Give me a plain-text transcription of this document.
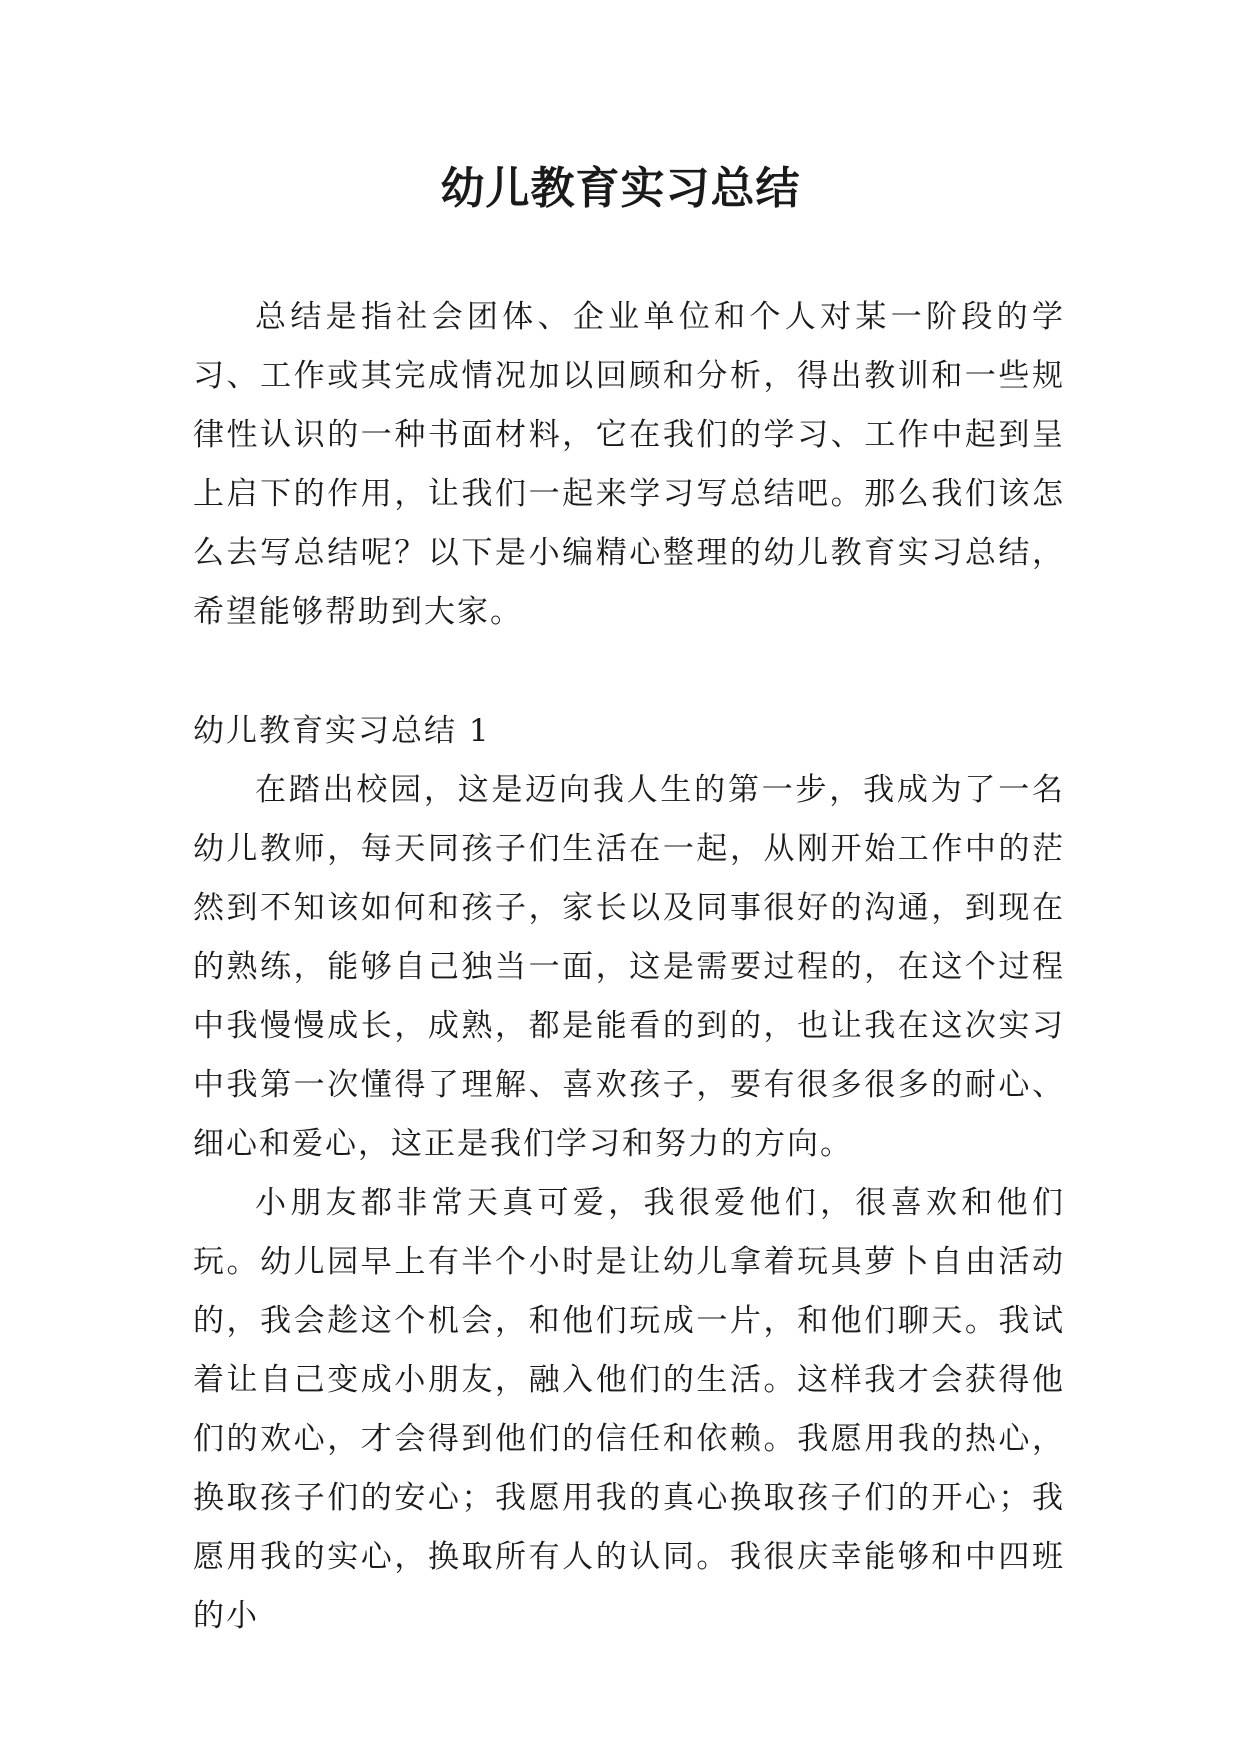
幼儿教育实习总结

总结是指社会团体、企业单位和个人对某一阶段的学习、工作或其完成情况加以回顾和分析，得出教训和一些规律性认识的一种书面材料，它在我们的学习、工作中起到呈上启下的作用，让我们一起来学习写总结吧。那么我们该怎么去写总结呢？以下是小编精心整理的幼儿教育实习总结，希望能够帮助到大家。

幼儿教育实习总结 1

在踏出校园，这是迈向我人生的第一步，我成为了一名幼儿教师，每天同孩子们生活在一起，从刚开始工作中的茫然到不知该如何和孩子，家长以及同事很好的沟通，到现在的熟练，能够自己独当一面，这是需要过程的，在这个过程中我慢慢成长，成熟，都是能看的到的，也让我在这次实习中我第一次懂得了理解、喜欢孩子，要有很多很多的耐心、细心和爱心，这正是我们学习和努力的方向。

小朋友都非常天真可爱，我很爱他们，很喜欢和他们玩。幼儿园早上有半个小时是让幼儿拿着玩具萝卜自由活动的，我会趁这个机会，和他们玩成一片，和他们聊天。我试着让自己变成小朋友，融入他们的生活。这样我才会获得他们的欢心，才会得到他们的信任和依赖。我愿用我的热心，换取孩子们的安心；我愿用我的真心换取孩子们的开心；我愿用我的实心，换取所有人的认同。我很庆幸能够和中四班的小
